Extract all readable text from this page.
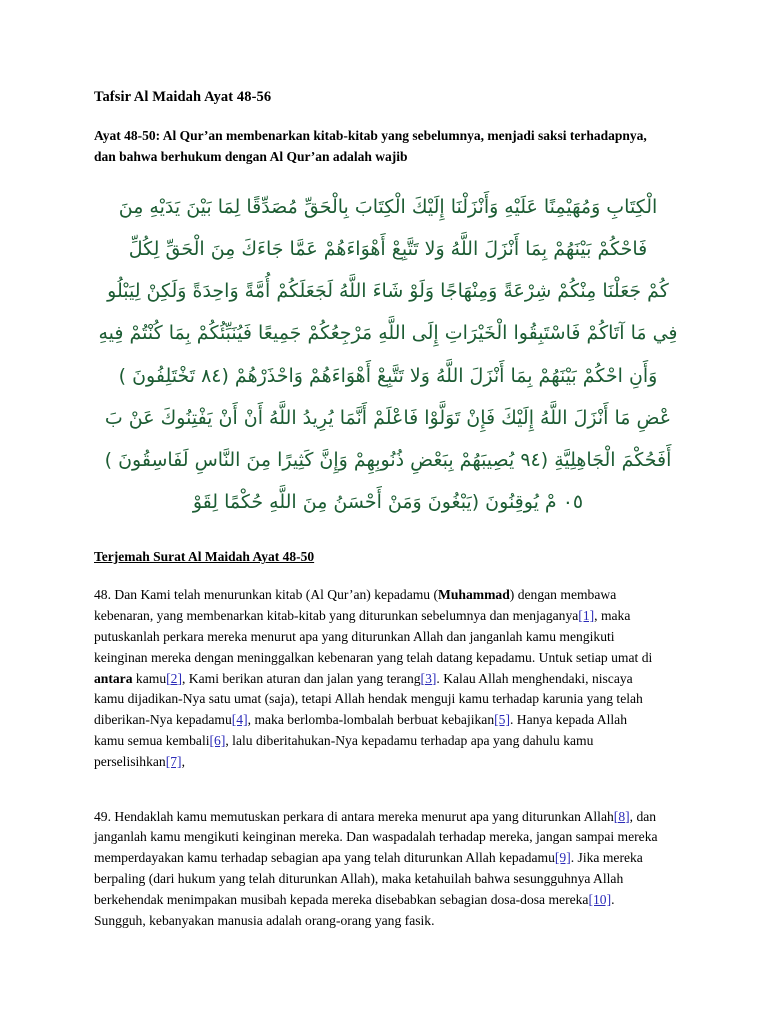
Tafsir Al Maidah Ayat 48-56
Ayat 48-50: Al Qur’an membenarkan kitab-kitab yang sebelumnya, menjadi saksi terhadapnya, dan bahwa berhukum dengan Al Qur’an adalah wajib
الْكِتَابِ وَمُهَيْمِنًا عَلَيْهِ وَأَنْزَلْنَا إِلَيْكَ الْكِتَابَ بِالْحَقِّ مُصَدِّقًا لِمَا بَيْنَ يَدَيْهِ مِنَ
فَاحْكُمْ بَيْنَهُمْ بِمَا أَنْزَلَ اللَّهُ وَلا تَتَّبِعْ أَهْوَاءَهُمْ عَمَّا جَاءَكَ مِنَ الْحَقِّ لِكُلِّ
كُمْ جَعَلْنَا مِنْكُمْ شِرْعَةً وَمِنْهَاجًا وَلَوْ شَاءَ اللَّهُ لَجَعَلَكُمْ أُمَّةً وَاحِدَةً وَلَكِنْ لِيَبْلُو
فِي مَا آتَاكُمْ فَاسْتَبِقُوا الْخَيْرَاتِ إِلَى اللَّهِ مَرْجِعُكُمْ جَمِيعًا فَيُنَبِّئُكُمْ بِمَا كُنْتُمْ فِيهِ
وَأَنِ احْكُمْ بَيْنَهُمْ بِمَا أَنْزَلَ اللَّهُ وَلا تَتَّبِعْ أَهْوَاءَهُمْ وَاحْذَرْهُمْ (٤٨ تَخْتَلِفُونَ )
عْضِ مَا أَنْزَلَ اللَّهُ إِلَيْكَ فَإِنْ تَوَلَّوْا فَاعْلَمْ أَنَّمَا يُرِيدُ اللَّهُ أَنْ أَنْ يَفْتِنُوكَ عَنْ بَ
أَفَحُكْمَ الْجَاهِلِيَّةِ (٤٩ يُصِيبَهُمْ بِبَعْضِ ذُنُوبِهِمْ وَإِنَّ كَثِيرًا مِنَ النَّاسِ لَفَاسِقُونَ )
٥٠ مْ يُوقِنُونَ (يَبْغُونَ وَمَنْ أَحْسَنُ مِنَ اللَّهِ حُكْمًا لِقَوْ
Terjemah Surat Al Maidah Ayat 48-50

48. Dan Kami telah menurunkan kitab (Al Qur’an) kepadamu (Muhammad) dengan membawa kebenaran, yang membenarkan kitab-kitab yang diturunkan sebelumnya dan menjaganya[1], maka putuskanlah perkara mereka menurut apa yang diturunkan Allah dan janganlah kamu mengikuti keinginan mereka dengan meninggalkan kebenaran yang telah datang kepadamu. Untuk setiap umat di antara kamu[2], Kami berikan aturan dan jalan yang terang[3]. Kalau Allah menghendaki, niscaya kamu dijadikan-Nya satu umat (saja), tetapi Allah hendak menguji kamu terhadap karunia yang telah diberikan-Nya kepadamu[4], maka berlomba-lombalah berbuat kebajikan[5]. Hanya kepada Allah kamu semua kembali[6], lalu diberitahukan-Nya kepadamu terhadap apa yang dahulu kamu perselisihkan[7],

49. Hendaklah kamu memutuskan perkara di antara mereka menurut apa yang diturunkan Allah[8], dan janganlah kamu mengikuti keinginan mereka. Dan waspadalah terhadap mereka, jangan sampai mereka memperdayakan kamu terhadap sebagian apa yang telah diturunkan Allah kepadamu[9]. Jika mereka berpaling (dari hukum yang telah diturunkan Allah), maka ketahuilah bahwa sesungguhnya Allah berkehendak menimpakan musibah kepada mereka disebabkan sebagian dosa-dosa mereka[10]. Sungguh, kebanyakan manusia adalah orang-orang yang fasik.
